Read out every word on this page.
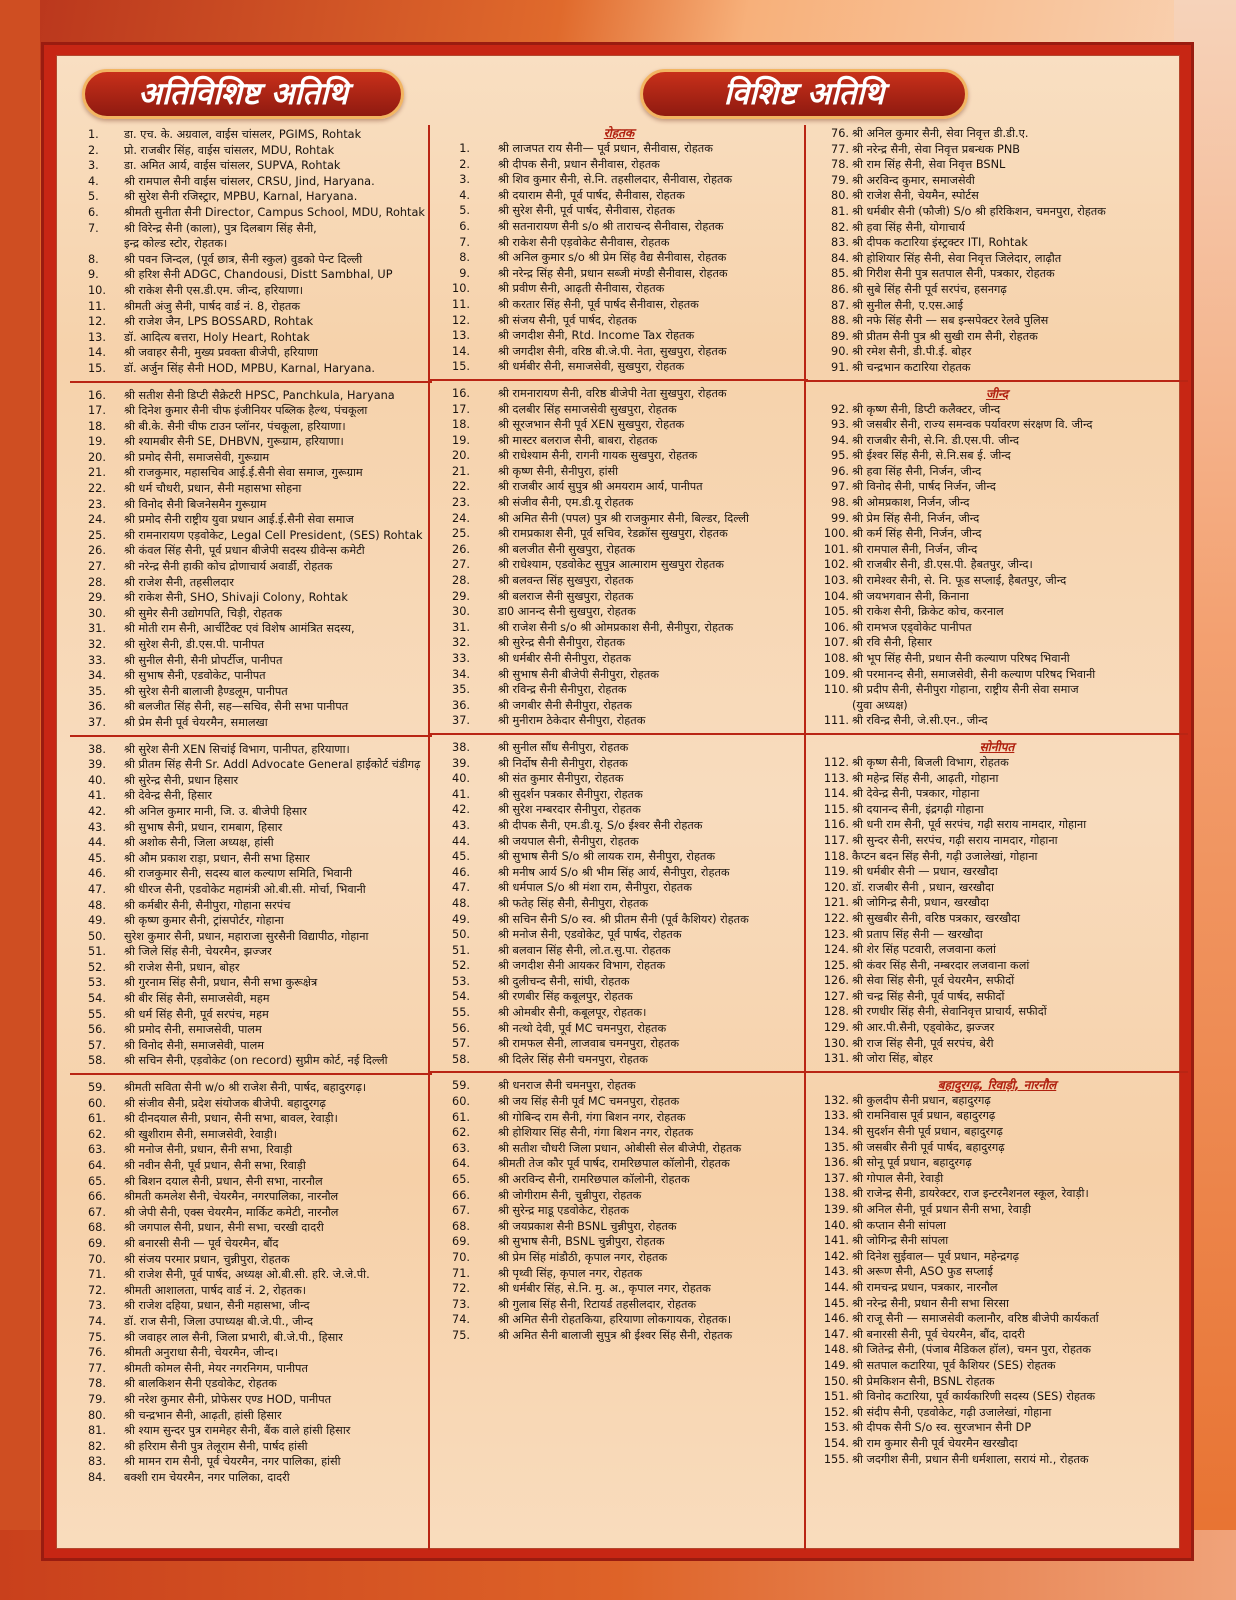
अतिविशिष्ट अतिथि	विशिष्ट अतिथि
1.	डा. एच. के. अग्रवाल, वाईस चांसलर, PGIMS, Rohtak
2.	प्रो. राजबीर सिंह, वाईस चांसलर, MDU, Rohtak
3.	डा. अमित आर्य, वाईस चांसलर, SUPVA, Rohtak
4.	श्री रामपाल सैनी वाईस चांसलर, CRSU, Jind, Haryana.
5.	श्री सुरेश सैनी रजिस्ट्रार, MPBU, Karnal, Haryana.
6.	श्रीमती सुनीता सैनी Director, Campus School, MDU, Rohtak
7.	श्री विरेन्द्र सैनी (काला), पुत्र दिलबाग सिंह सैनी,
इन्द्र कोल्ड स्टोर, रोहतक।
8.	श्री पवन जिन्दल, (पूर्व छात्र, सैनी स्कुल) वुडको पेन्ट दिल्ली
9.	श्री हरिश सैनी ADGC, Chandousi, Distt Sambhal, UP
10.	श्री राकेश सैनी एस.डी.एम. जीन्द, हरियाणा।
11.	श्रीमती अंजु सैनी, पार्षद वार्ड नं. 8, रोहतक
12.	श्री राजेश जैन, LPS BOSSARD, Rohtak
13.	डॉ. आदित्य बत्तरा, Holy Heart, Rohtak
14.	श्री जवाहर सैनी, मुख्य प्रवक्ता बीजेपी, हरियाणा
15.	डॉ. अर्जुन सिंह सैनी HOD, MPBU, Karnal, Haryana.
16.	श्री सतीश सैनी डिप्टी सैक्रेटरी HPSC, Panchkula, Haryana
17.	श्री दिनेश कुमार सैनी चीफ इंजीनियर पब्लिक हैल्थ, पंचकूला
18.	श्री बी.के. सैनी चीफ टाउन प्लॉनर, पंचकूला, हरियाणा।
19.	श्री श्यामबीर सैनी SE, DHBVN, गुरूग्राम, हरियाणा।
20.	श्री प्रमोद सैनी, समाजसेवी, गुरूग्राम
21.	श्री राजकुमार, महासचिव आई.ई.सैनी सेवा समाज, गुरूग्राम
22.	श्री धर्म चौधरी, प्रधान, सैनी महासभा सोहना
23.	श्री विनोद सैनी बिजनेसमैन गुरूग्राम
24.	श्री प्रमोद सैनी राष्ट्रीय युवा प्रधान आई.ई.सैनी सेवा समाज
25.	श्री रामनारायण एड़वोकेट, Legal Cell President, (SES) Rohtak
26.	श्री कंवल सिंह सैनी, पूर्व प्रधान बीजेपी सदस्य ग्रीवेन्स कमेटी
27.	श्री नरेन्द्र सैनी हाकी कोच द्रोणाचार्य अवार्डी, रोहतक
28.	श्री राजेश सैनी, तहसीलदार
29.	श्री राकेश सैनी, SHO, Shivaji Colony, Rohtak
30.	श्री सुमेर सैनी उद्योगपति, चिड़ी, रोहतक
31.	श्री मोती राम सैनी, आर्चीटैक्ट एवं विशेष आमंत्रित सदस्य,
32.	श्री सुरेश सैनी, डी.एस.पी. पानीपत
33.	श्री सुनील सैनी, सैनी प्रोपर्टीज, पानीपत
34.	श्री सुभाष सैनी, एडवोकेट, पानीपत
35.	श्री सुरेश सैनी बालाजी हैण्डलूम, पानीपत
36.	श्री बलजीत सिंह सैनी, सह—सचिव, सैनी सभा पानीपत
37.	श्री प्रेम सैनी पूर्व चेयरमैन, समालखा
38.	श्री सुरेश सैनी XEN सिचांई विभाग, पानीपत, हरियाणा।
39.	श्री प्रीतम सिंह सैनी Sr. Addl Advocate General हाईकोर्ट चंडीगढ़
40.	श्री सुरेन्द्र सैनी, प्रधान हिसार
41.	श्री देवेन्द्र सैनी, हिसार
42.	श्री अनिल कुमार मानी, जि. उ. बीजेपी हिसार
43.	श्री सुभाष सैनी, प्रधान, रामबाग, हिसार
44.	श्री अशोक सैनी, जिला अध्यक्ष, हांसी
45.	श्री औम प्रकाश राड़ा, प्रधान, सैनी सभा हिसार
46.	श्री राजकुमार सैनी, सदस्य बाल कल्याण समिति, भिवानी
47.	श्री धीरज सैनी, एडवोकेट महामंत्री ओ.बी.सी. मोर्चा, भिवानी
48.	श्री कर्मबीर सैनी, सैनीपुरा, गोहाना सरपंच
49.	श्री कृष्ण कुमार सैनी, ट्रांसपोर्टर, गोहाना
50.	सुरेश कुमार सैनी, प्रधान, महाराजा सुरसैनी विद्यापीठ, गोहाना
51.	श्री जिले सिंह सैनी, चेयरमैन, झज्जर
52.	श्री राजेश सैनी, प्रधान, बोहर
53.	श्री गुरनाम सिंह सैनी, प्रधान, सैनी सभा कुरूक्षेत्र
54.	श्री बीर सिंह सैनी, समाजसेवी, महम
55.	श्री धर्म सिंह सैनी, पूर्व सरपंच, महम
56.	श्री प्रमोद सैनी, समाजसेवी, पालम
57.	श्री विनोद सैनी, समाजसेवी, पालम
58.	श्री सचिन सैनी, एड़वोकेट (on record) सुप्रीम कोर्ट, नई दिल्ली
59.	श्रीमती सविता सैनी w/o श्री राजेश सैनी, पार्षद, बहादुरगढ़।
60.	श्री संजीव सैनी, प्रदेश संयोजक बीजेपी. बहादुरगढ़
61.	श्री दीनदयाल सैनी, प्रधान, सैनी सभा, बावल, रेवाड़ी।
62.	श्री खुशीराम सैनी, समाजसेवी, रेवाड़ी।
63.	श्री मनोज सैनी, प्रधान, सैनी सभा, रिवाड़ी
64.	श्री नवीन सैनी, पूर्व प्रधान, सैनी सभा, रिवाड़ी
65.	श्री बिशन दयाल सैनी, प्रधान, सैनी सभा, नारनौल
66.	श्रीमती कमलेश सैनी, चेयरमैन, नगरपालिका, नारनौल
67.	श्री जेपी सैनी, एक्स चेयरमैन, मार्किट कमेटी, नारनौल
68.	श्री जगपाल सैनी, प्रधान, सैनी सभा, चरखी दादरी
69.	श्री बनारसी सैनी — पूर्व चेयरमैन, बौंद
70.	श्री संजय परमार प्रधान, चुन्नीपुरा, रोहतक
71.	श्री राजेश सैनी, पूर्व पार्षद, अध्यक्ष ओ.बी.सी. हरि. जे.जे.पी.
72.	श्रीमती आशालता, पार्षद वार्ड नं. 2, रोहतक।
73.	श्री राजेश दहिया, प्रधान, सैनी महासभा, जीन्द
74.	डॉ. राज सैनी, जिला उपाध्यक्ष बी.जे.पी., जीन्द
75.	श्री जवाहर लाल सैनी, जिला प्रभारी, बी.जे.पी., हिसार
76.	श्रीमती अनुराधा सैनी, चेयरमैन, जीन्द।
77.	श्रीमती कोमल सैनी, मेयर नगरनिगम, पानीपत
78.	श्री बालकिशन सैनी एडवोकेट, रोहतक
79.	श्री नरेश कुमार सैनी, प्रोफेसर एण्ड HOD, पानीपत
80.	श्री चन्द्रभान सैनी, आढ़ती, हांसी हिसार
81.	श्री श्याम सुन्दर पुत्र राममेहर सैनी, बैंक वाले हांसी हिसार
82.	श्री हरिराम सैनी पुत्र तेलूराम सैनी, पार्षद हांसी
83.	श्री मामन राम सैनी, पूर्व चेयरमैन, नगर पालिका, हांसी
84.	बक्शी राम चेयरमैन, नगर पालिका, दादरी
रोहतक
1.	श्री लाजपत राय सैनी— पूर्व प्रधान, सैनीवास, रोहतक
2.	श्री दीपक सैनी, प्रधान सैनीवास, रोहतक
3.	श्री शिव कुमार सैनी, से.नि. तहसीलदार, सैनीवास, रोहतक
4.	श्री दयाराम सैनी, पूर्व पार्षद, सैनीवास, रोहतक
5.	श्री सुरेश सैनी, पूर्व पार्षद, सैनीवास, रोहतक
6.	श्री सतनारायण सैनी s/o श्री ताराचन्द सैनीवास, रोहतक
7.	श्री राकेश सैनी एड़वोकेट सैनीवास, रोहतक
8.	श्री अनिल कुमार s/o श्री प्रेम सिंह वैद्य सैनीवास, रोहतक
9.	श्री नरेन्द्र सिंह सैनी, प्रधान सब्जी मंण्डी सैनीवास, रोहतक
10.	श्री प्रवीण सैनी, आढ़ती सैनीवास, रोहतक
11.	श्री करतार सिंह सैनी, पूर्व पार्षद सैनीवास, रोहतक
12.	श्री संजय सैनी, पूर्व पार्षद, रोहतक
13.	श्री जगदीश सैनी, Rtd. Income Tax रोहतक
14.	श्री जगदीश सैनी, वरिष्ठ बी.जे.पी. नेता, सुखपुरा, रोहतक
15.	श्री धर्मबीर सैनी, समाजसेवी, सुखपुरा, रोहतक
16.	श्री रामनारायण सैनी, वरिष्ठ बीजेपी नेता सुखपुरा, रोहतक
17.	श्री दलबीर सिंह समाजसेवी सुखपुरा, रोहतक
18.	श्री सूरजभान सैनी पूर्व XEN सुखपुरा, रोहतक
19.	श्री मास्टर बलराज सैनी, बाबरा, रोहतक
20.	श्री राधेश्याम सैनी, रागनी गायक सुखपुरा, रोहतक
21.	श्री कृष्ण सैनी, सैनीपुरा, हांसी
22.	श्री राजबीर आर्य सुपुत्र श्री अमयराम आर्य, पानीपत
23.	श्री संजीव सैनी, एम.डी.यू रोहतक
24.	श्री अमित सैनी (पपल) पुत्र श्री राजकुमार सैनी, बिल्डर, दिल्ली
25.	श्री रामप्रकाश सैनी, पूर्व सचिव, रेडक्रॉस सुखपुरा, रोहतक
26.	श्री बलजीत सैनी सुखपुरा, रोहतक
27.	श्री राधेश्याम, एडवोकेट सुपुत्र आत्माराम सुखपुरा रोहतक
28.	श्री बलवन्त सिंह सुखपुरा, रोहतक
29.	श्री बलराज सैनी सुखपुरा, रोहतक
30.	डा0 आनन्द सैनी सुखपुरा, रोहतक
31.	श्री राजेश सैनी s/o श्री ओमप्रकाश सैनी, सैनीपुरा, रोहतक
32.	श्री सुरेन्द्र सैनी सैनीपुरा, रोहतक
33.	श्री धर्मबीर सैनी सैनीपुरा, रोहतक
34.	श्री सुभाष सैनी बीजेपी सैनीपुरा, रोहतक
35.	श्री रविन्द्र सैनी सैनीपुरा, रोहतक
36.	श्री जगबीर सैनी सैनीपुरा, रोहतक
37.	श्री मुनीराम ठेकेदार सैनीपुरा, रोहतक
38.	श्री सुनील सौंध सैनीपुरा, रोहतक
39.	श्री निर्दोष सैनी सैनीपुरा, रोहतक
40.	श्री संत कुमार सैनीपुरा, रोहतक
41.	श्री सुदर्शन पत्रकार सैनीपुरा, रोहतक
42.	श्री सुरेश नम्बरदार सैनीपुरा, रोहतक
43.	श्री दीपक सैनी, एम.डी.यू. S/o ईश्वर सैनी रोहतक
44.	श्री जयपाल सैनी, सैनीपुरा, रोहतक
45.	श्री सुभाष सैनी S/o श्री लायक राम, सैनीपुरा, रोहतक
46.	श्री मनीष आर्य S/o श्री भीम सिंह आर्य, सैनीपुरा, रोहतक
47.	श्री धर्मपाल S/o श्री मंशा राम, सैनीपुरा, रोहतक
48.	श्री फतेह सिंह सैनी, सैनीपुरा, रोहतक
49.	श्री सचिन सैनी S/o स्व. श्री प्रीतम सैनी (पूर्व कैशियर) रोहतक
50.	श्री मनोज सैनी, एडवोकेट, पूर्व पार्षद, रोहतक
51.	श्री बलवान सिंह सैनी, लो.त.सु.पा. रोहतक
52.	श्री जगदीश सैनी आयकर विभाग, रोहतक
53.	श्री दुलीचन्द सैनी, सांघी, रोहतक
54.	श्री रणबीर सिंह कबूलपुर, रोहतक
55.	श्री ओमबीर सैनी, कबूलपूर, रोहतक।
56.	श्री नत्थो देवी, पूर्व MC चमनपुरा, रोहतक
57.	श्री रामफल सैनी, लाजवाब चमनपुरा, रोहतक
58.	श्री दिलेर सिंह सैनी चमनपुरा, रोहतक
59.	श्री धनराज सैनी चमनपुरा, रोहतक
60.	श्री जय सिंह सैनी पूर्व MC चमनपुरा, रोहतक
61.	श्री गोबिन्द राम सैनी, गंगा बिशन नगर, रोहतक
62.	श्री होशियार सिंह सैनी, गंगा बिशन नगर, रोहतक
63.	श्री सतीश चौधरी जिला प्रधान, ओबीसी सेल बीजेपी, रोहतक
64.	श्रीमती तेज कौर पूर्व पार्षद, रामरिछपाल कॉलोनी, रोहतक
65.	श्री अरविन्द सैनी, रामरिछपाल कॉलोनी, रोहतक
66.	श्री जोगीराम सैनी, चुन्नीपुरा, रोहतक
67.	श्री सुरेन्द्र माडू एडवोकेट, रोहतक
68.	श्री जयप्रकाश सैनी BSNL चुन्नीपुरा, रोहतक
69.	श्री सुभाष सैनी, BSNL चुन्नीपुरा, रोहतक
70.	श्री प्रेम सिंह मांडौठी, कृपाल नगर, रोहतक
71.	श्री पृथ्वी सिंह, कृपाल नगर, रोहतक
72.	श्री धर्मबीर सिंह, से.नि. मु. अ., कृपाल नगर, रोहतक
73.	श्री गुलाब सिंह सैनी, रिटायर्ड तहसीलदार, रोहतक
74.	श्री अमित सैनी रोहतकिया, हरियाणा लोकगायक, रोहतक।
75.	श्री अमित सैनी बालाजी सुपुत्र श्री ईश्वर सिंह सैनी, रोहतक
76. श्री अनिल कुमार सैनी, सेवा निवृत्त डी.डी.ए.
77. श्री नरेन्द्र सैनी, सेवा निवृत्त प्रबन्धक PNB
78. श्री राम सिंह सैनी, सेवा निवृत्त BSNL
79. श्री अरविन्द कुमार, समाजसेवी
80. श्री राजेश सैनी, चेयमैन, स्पोर्टस
81. श्री धर्मबीर सैनी (फौजी) S/o श्री हरिकिशन, चमनपुरा, रोहतक
82. श्री हवा सिंह सैनी, योगाचार्य
83. श्री दीपक कटारिया इंस्ट्रक्टर ITI, Rohtak
84. श्री होशियार सिंह सैनी, सेवा निवृत्त जिलेदार, लाढ़ौत
85. श्री गिरीश सैनी पुत्र सतपाल सैनी, पत्रकार, रोहतक
86. श्री सुबे सिंह सैनी पूर्व सरपंच, हसनगढ़
87. श्री सुनील सैनी, ए.एस.आई
88. श्री नफे सिंह सैनी — सब इन्सपेक्टर रेलवे पुलिस
89. श्री प्रीतम सैनी पुत्र श्री सुखी राम सैनी, रोहतक
90. श्री रमेश सैनी, डी.पी.ई. बोहर
91. श्री चन्द्रभान कटारिया रोहतक
जीन्द
92. श्री कृष्ण सैनी, डिप्टी कलैक्टर, जीन्द
93. श्री जसबीर सैनी, राज्य समन्वक पर्यावरण संरक्षण वि. जीन्द
94. श्री राजबीर सैनी, से.नि. डी.एस.पी. जीन्द
95. श्री ईश्वर सिंह सैनी, से.नि.सब ई. जीन्द
96. श्री हवा सिंह सैनी, निर्जन, जीन्द
97. श्री विनोद सैनी, पार्षद निर्जन, जीन्द
98. श्री ओमप्रकाश, निर्जन, जीन्द
99. श्री प्रेम सिंह सैनी, निर्जन, जीन्द
100. श्री कर्म सिंह सैनी, निर्जन, जीन्द
101. श्री रामपाल सैनी, निर्जन, जीन्द
102. श्री राजबीर सैनी, डी.एस.पी. हैबतपुर, जीन्द।
103. श्री रामेश्वर सैनी, से. नि. फूड सप्लाई, हैबतपुर, जीन्द
104. श्री जयभगवान सैनी, किनाना
105. श्री राकेश सैनी, क्रिकेट कोच, करनाल
106. श्री रामभज एड्वोकेट पानीपत
107. श्री रवि सैनी, हिसार
108. श्री भूप सिंह सैनी, प्रधान सैनी कल्याण परिषद भिवानी
109. श्री परमानन्द सैनी, समाजसेवी, सैनी कल्याण परिषद भिवानी
110. श्री प्रदीप सैनी, सैनीपुरा गोहाना, राष्ट्रीय सैनी सेवा समाज
(युवा अध्यक्ष)
111. श्री रविन्द्र सैनी, जे.सी.एन., जीन्द
सोनीपत
112. श्री कृष्ण सैनी, बिजली विभाग, रोहतक
113. श्री महेन्द्र सिंह सैनी, आढ़ती, गोहाना
114. श्री देवेन्द्र सैनी, पत्रकार, गोहाना
115. श्री दयानन्द सैनी, इंद्रगढ़ी गोहाना
116. श्री धनी राम सैनी, पूर्व सरपंच, गढ़ी सराय नामदार, गोहाना
117. श्री सुन्दर सैनी, सरपंच, गढ़ी सराय नामदार, गोहाना
118. कैप्टन बदन सिंह सैनी, गढ़ी उजालेखां, गोहाना
119. श्री धर्मबीर सैनी — प्रधान, खरखौदा
120. डॉ. राजबीर सैनी , प्रधान, खरखौदा
121. श्री जोगिन्द्र सैनी, प्रधान, खरखौदा
122. श्री सुखबीर सैनी, वरिष्ठ पत्रकार, खरखौदा
123. श्री प्रताप सिंह सैनी — खरखौदा
124. श्री शेर सिंह पटवारी, लजवाना कलां
125. श्री कंवर सिंह सैनी, नम्बरदार लजवाना कलां
126. श्री सेवा सिंह सैनी, पूर्व चेयरमैन, सफीदों
127. श्री चन्द्र सिंह सैनी, पूर्व पार्षद, सफीदों
128. श्री रणधीर सिंह सैनी, सेवानिवृत्त प्राचार्य, सफीदों
129. श्री आर.पी.सैनी, एड्वोकेट, झज्जर
130. श्री राज सिंह सैनी, पूर्व सरपंच, बेरी
131. श्री जोरा सिंह, बोहर
बहादुरगढ़, रिवाड़ी, नारनौल
132. श्री कुलदीप सैनी प्रधान, बहादुरगढ़
133. श्री रामनिवास पूर्व प्रधान, बहादुरगढ़
134. श्री सुदर्शन सैनी पूर्व प्रधान, बहादुरगढ़
135. श्री जसबीर सैनी पूर्व पार्षद, बहादुरगढ़
136. श्री सोनू पूर्व प्रधान, बहादुरगढ़
137. श्री गोपाल सैनी, रेवाड़ी
138. श्री राजेन्द्र सैनी, डायरेक्टर, राज इन्टरनैशनल स्कूल, रेवाड़ी।
139. श्री अनिल सैनी, पूर्व प्रधान सैनी सभा, रेवाड़ी
140. श्री कप्तान सैनी सांपला
141. श्री जोगिन्द्र सैनी सांपला
142. श्री दिनेश सुईवाल— पूर्व प्रधान, महेन्द्रगढ़
143. श्री अरूण सैनी, ASO फुड सप्लाई
144. श्री रामचन्द्र प्रधान, पत्रकार, नारनौल
145. श्री नरेन्द्र सैनी, प्रधान सैनी सभा सिरसा
146. श्री राजू सैनी — समाजसेवी कलानौर, वरिष्ठ बीजेपी कार्यकर्ता
147. श्री बनारसी सैनी, पूर्व चेयरमैन, बौंद, दादरी
148. श्री जितेन्द्र सैनी, (पंजाब मैडिकल हॉल), चमन पुरा, रोहतक
149. श्री सतपाल कटारिया, पूर्व कैशियर (SES) रोहतक
150. श्री प्रेमकिशन सैनी, BSNL रोहतक
151. श्री विनोद कटारिया, पूर्व कार्यकारिणी सदस्य (SES) रोहतक
152. श्री संदीप सैनी, एडवोकेट, गढ़ी उजालेखां, गोहाना
153. श्री दीपक सैनी S/o स्व. सुरजभान सैनी DP
154. श्री राम कुमार सैनी पूर्व चेयरमैन खरखौदा
155. श्री जदगीश सैनी, प्रधान सैनी धर्मशाला, सरायं मो., रोहतक
